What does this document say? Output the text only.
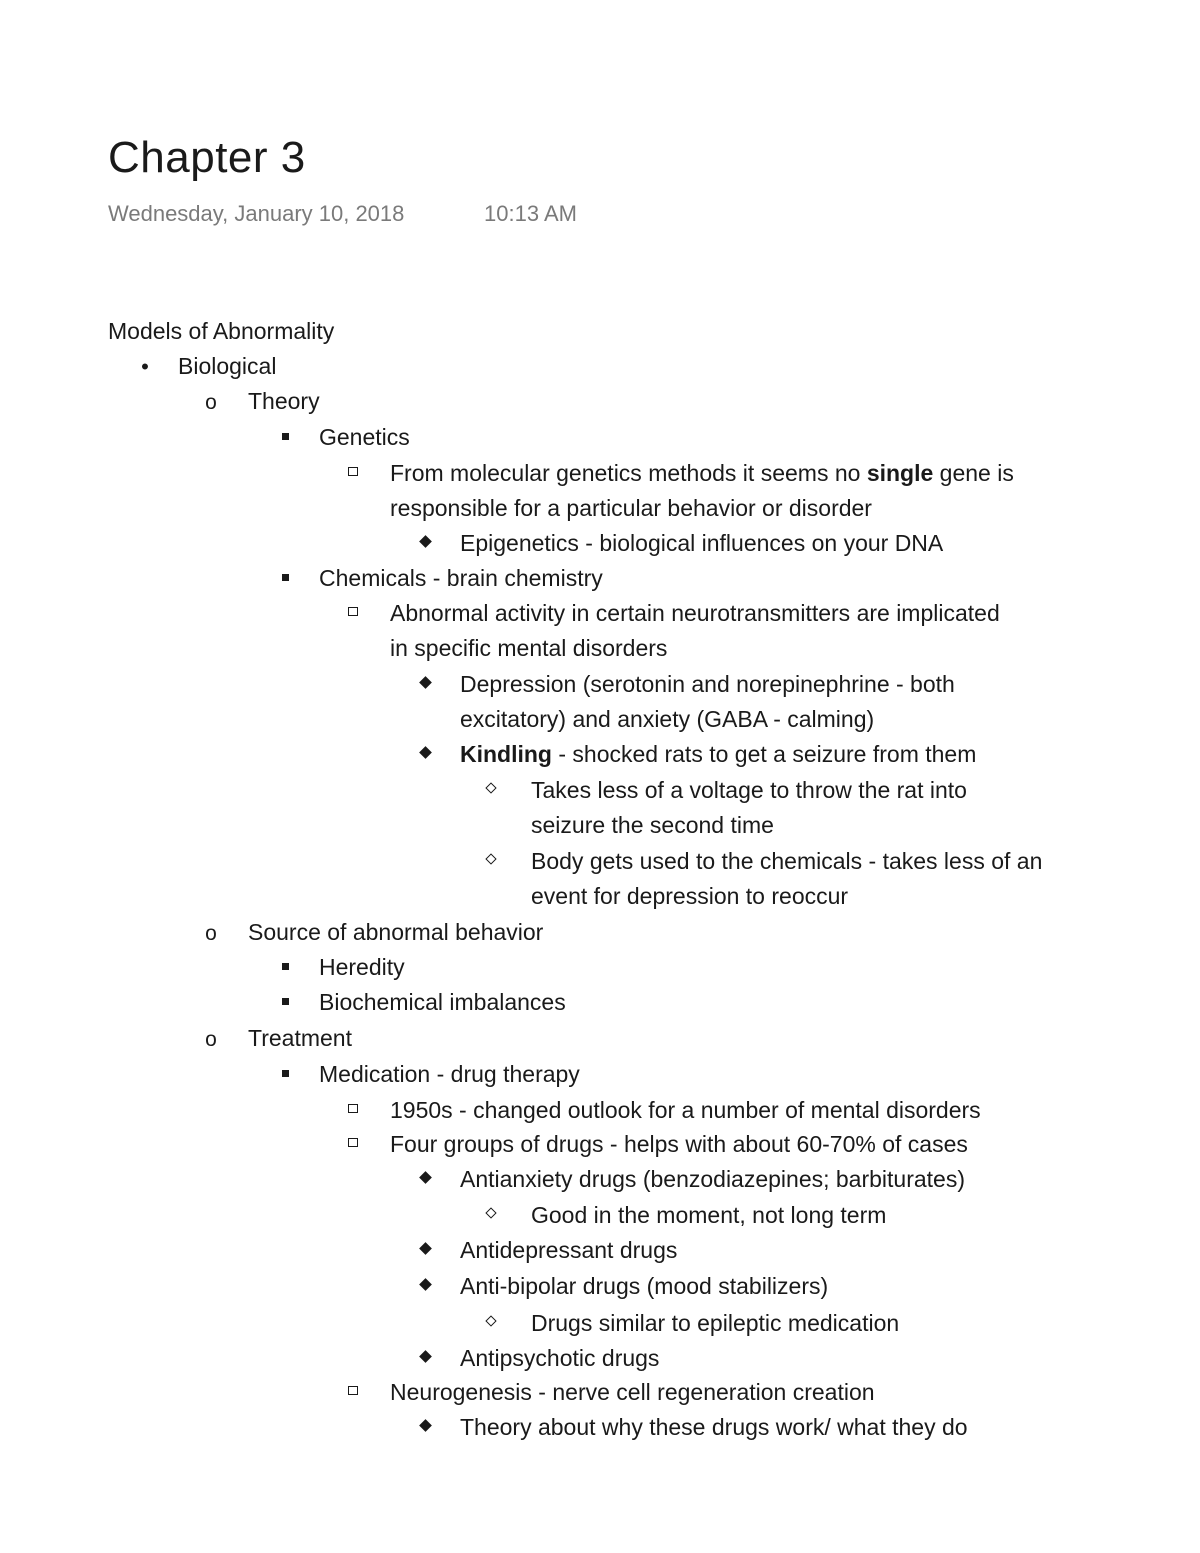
Chapter 3
Wednesday, January 10, 2018	10:13 AM
Models of Abnormality
•
Biological
o
Theory
Genetics
From molecular genetics methods it seems no single gene is
responsible for a particular behavior or disorder
Epigenetics - biological influences on your DNA
Chemicals - brain chemistry
Abnormal activity in certain neurotransmitters are implicated
in specific mental disorders
Depression (serotonin and norepinephrine - both
excitatory) and anxiety (GABA - calming)
Kindling - shocked rats to get a seizure from them
Takes less of a voltage to throw the rat into
seizure the second time
Body gets used to the chemicals - takes less of an
event for depression to reoccur
o
Source of abnormal behavior
Heredity
Biochemical imbalances
o
Treatment
Medication - drug therapy
1950s - changed outlook for a number of mental disorders
Four groups of drugs - helps with about 60-70% of cases
Antianxiety drugs (benzodiazepines; barbiturates)
Good in the moment, not long term
Antidepressant drugs
Anti-bipolar drugs (mood stabilizers)
Drugs similar to epileptic medication
Antipsychotic drugs
Neurogenesis - nerve cell regeneration creation
Theory about why these drugs work/ what they do
